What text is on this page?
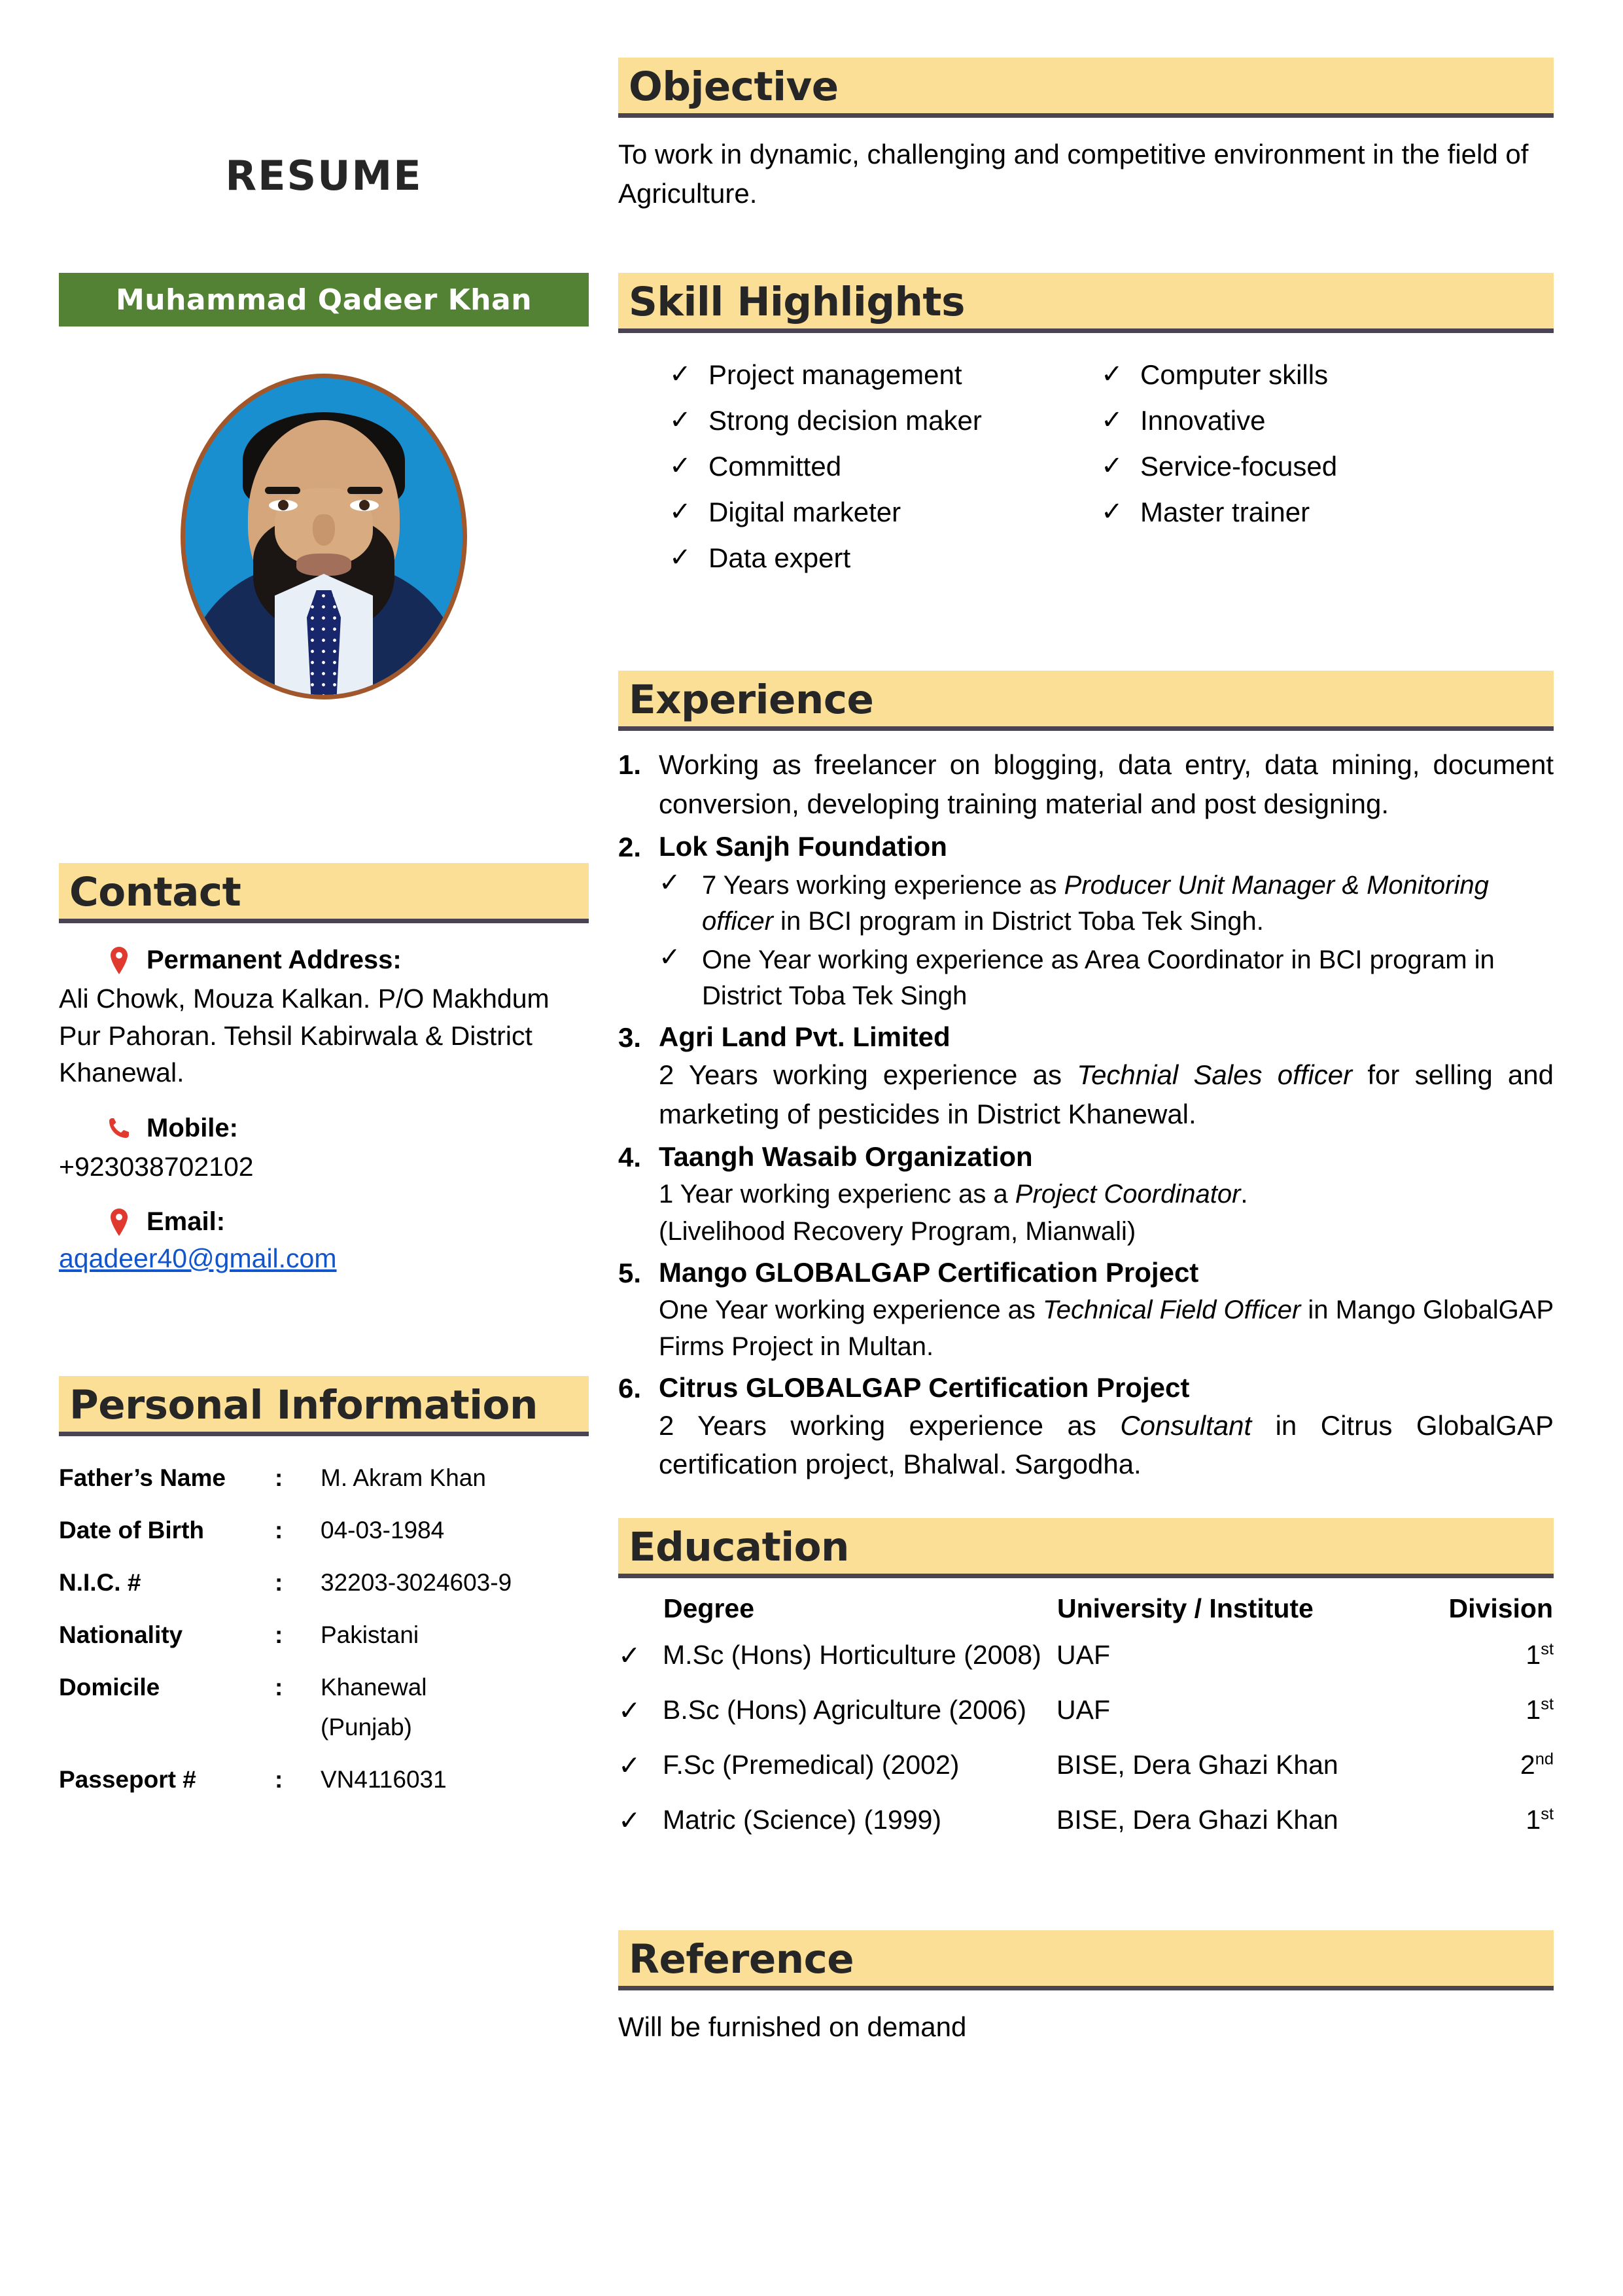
RESUME
Muhammad Qadeer Khan
Contact
Permanent Address:
Ali Chowk, Mouza Kalkan. P/O Makhdum Pur Pahoran. Tehsil Kabirwala & District Khanewal.
Mobile:
+923038702102
Email:
aqadeer40@gmail.com
Personal Information
Father’s Name	:	M. Akram Khan
Date of Birth	:	04-03-1984
N.I.C. #	:	32203-3024603-9
Nationality	:	Pakistani
Domicile	:	Khanewal
		(Punjab)
Passeport #	:	VN4116031
Objective
To work in dynamic, challenging and competitive environment in the field of Agriculture.
Skill Highlights
✓ Project management
✓ Strong decision maker
✓ Committed
✓ Digital marketer
✓ Data expert
✓ Computer skills
✓ Innovative
✓ Service-focused
✓ Master trainer
Experience
1. Working as freelancer on blogging, data entry, data mining, document conversion, developing training material and post designing.
2. Lok Sanjh Foundation
✓ 7 Years working experience as Producer Unit Manager & Monitoring officer in BCI program in District Toba Tek Singh.
✓ One Year working experience as Area Coordinator in BCI program in District Toba Tek Singh
3. Agri Land Pvt. Limited
2 Years working experience as Technial Sales officer for selling and marketing of pesticides in District Khanewal.
4. Taangh Wasaib Organization
1 Year working experienc as a Project Coordinator.
(Livelihood Recovery Program, Mianwali)
5. Mango GLOBALGAP Certification Project
One Year working experience as Technical Field Officer in Mango GlobalGAP Firms Project in Multan.
6. Citrus GLOBALGAP Certification Project
2 Years working experience as Consultant in Citrus GlobalGAP certification project, Bhalwal. Sargodha.
Education
	Degree	University / Institute	Division
✓	M.Sc (Hons) Horticulture (2008)	UAF	1st
✓	B.Sc (Hons) Agriculture (2006)	UAF	1st
✓	F.Sc (Premedical) (2002)	BISE, Dera Ghazi Khan	2nd
✓	Matric (Science) (1999)	BISE, Dera Ghazi Khan	1st
Reference
Will be furnished on demand
